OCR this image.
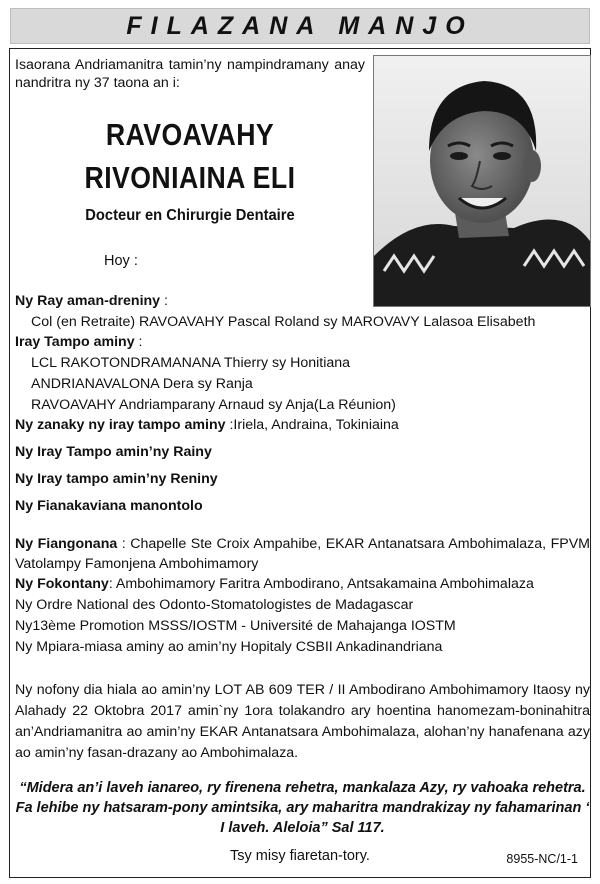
FILAZANA MANJO
Isaorana Andriamanitra tamin’ny nampindramany anay nandritra ny 37 taona an i:
RAVOAVAHY
RIVONIAINA ELI
Docteur en Chirurgie Dentaire
Hoy :
Ny Ray aman-dreniny :
Col (en Retraite) RAVOAVAHY Pascal Roland sy MAROVAVY Lalasoa Elisabeth
Iray Tampo aminy :
LCL RAKOTONDRAMANANA Thierry sy Honitiana
ANDRIANAVALONA Dera sy Ranja
RAVOAVAHY Andriamparany Arnaud sy Anja(La Réunion)
Ny zanaky ny iray tampo aminy :Iriela, Andraina, Tokiniaina
Ny Iray Tampo amin’ny Rainy
Ny Iray tampo amin’ny Reniny
Ny Fianakaviana manontolo
Ny Fiangonana : Chapelle Ste Croix Ampahibe, EKAR Antanatsara Ambohimalaza, FPVM Vatolampy Famonjena Ambohimamory
Ny Fokontany: Ambohimamory Faritra Ambodirano, Antsakamaina Ambohimalaza
Ny Ordre National des Odonto-Stomatologistes de Madagascar
Ny13ème Promotion MSSS/IOSTM - Université de Mahajanga IOSTM
Ny Mpiara-miasa aminy ao amin’ny Hopitaly CSBII Ankadinandriana
Ny nofony dia hiala ao amin’ny LOT AB 609 TER / II Ambodirano Ambohimamory Itaosy ny Alahady 22 Oktobra 2017 amin`ny 1ora tolakandro ary hoentina hanomezam-boninahitra an’Andriamanitra ao amin’ny EKAR Antanatsara Ambohimalaza, alohan’ny hanafenana azy ao amin’ny fasan-drazany ao Ambohimalaza.
“Midera an’i laveh ianareo, ry firenena rehetra, mankalaza Azy, ry vahoaka rehetra.
Fa lehibe ny hatsaram-pony amintsika, ary maharitra mandrakizay ny fahamarinan ‘
I laveh. Aleloia” Sal 117.
Tsy misy fiaretan-tory.	8955-NC/1-1
